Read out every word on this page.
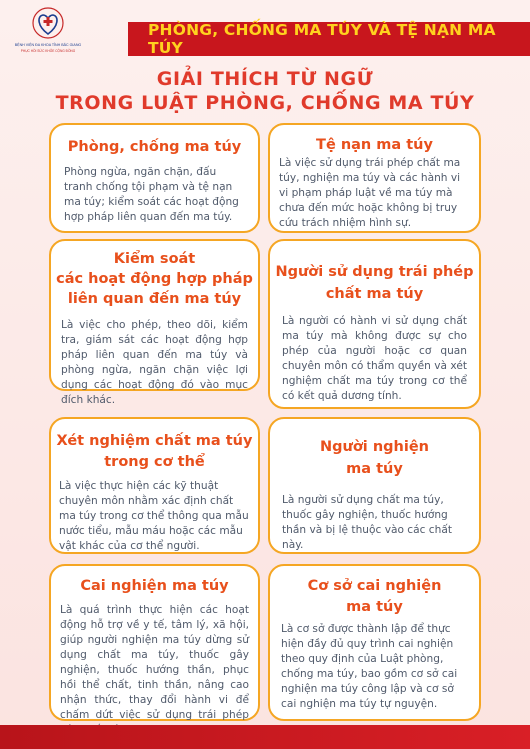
BỆNH VIỆN ĐA KHOA TỈNH BẮC GIANG
PHỤC HỒI SỨC KHỎE CỘNG ĐỒNG
PHÒNG, CHỐNG MA TÚY VÀ TỆ NẠN MA TÚY
GIẢI THÍCH TỪ NGỮ
TRONG LUẬT PHÒNG, CHỐNG MA TÚY
Phòng, chống ma túy
Phòng ngừa, ngăn chặn, đấu tranh chống tội phạm và tệ nạn ma túy; kiểm soát các hoạt động hợp pháp liên quan đến ma túy.
Tệ nạn ma túy
Là việc sử dụng trái phép chất ma túy, nghiện ma túy và các hành vi vi phạm pháp luật về ma túy mà chưa đến mức hoặc không bị truy cứu trách nhiệm hình sự.
Kiểm soát
các hoạt động hợp pháp
liên quan đến ma túy
Là việc cho phép, theo dõi, kiểm tra, giám sát các hoạt động hợp pháp liên quan đến ma túy và phòng ngừa, ngăn chặn việc lợi dụng các hoạt động đó vào mục đích khác.
Người sử dụng trái phép
chất ma túy
Là người có hành vi sử dụng chất ma túy mà không được sự cho phép của người hoặc cơ quan chuyên môn có thẩm quyền và xét nghiệm chất ma túy trong cơ thể có kết quả dương tính.
Xét nghiệm chất ma túy
trong cơ thể
Là việc thực hiện các kỹ thuật chuyên môn nhằm xác định chất ma túy trong cơ thể thông qua mẫu nước tiểu, mẫu máu hoặc các mẫu vật khác của cơ thể người.
Người nghiện
ma túy
Là người sử dụng chất ma túy, thuốc gây nghiện, thuốc hướng thần và bị lệ thuộc vào các chất này.
Cai nghiện ma túy
Là quá trình thực hiện các hoạt động hỗ trợ về y tế, tâm lý, xã hội, giúp người nghiện ma túy dừng sử dụng chất ma túy, thuốc gây nghiện, thuốc hướng thần, phục hồi thể chất, tinh thần, nâng cao nhận thức, thay đổi hành vi để chấm dứt việc sử dụng trái phép
Cơ sở cai nghiện
ma túy
Là cơ sở được thành lập để thực hiện đầy đủ quy trình cai nghiện theo quy định của Luật phòng, chống ma túy, bao gồm cơ sở cai nghiện ma túy công lập và cơ sở cai nghiện ma túy tự nguyện.
